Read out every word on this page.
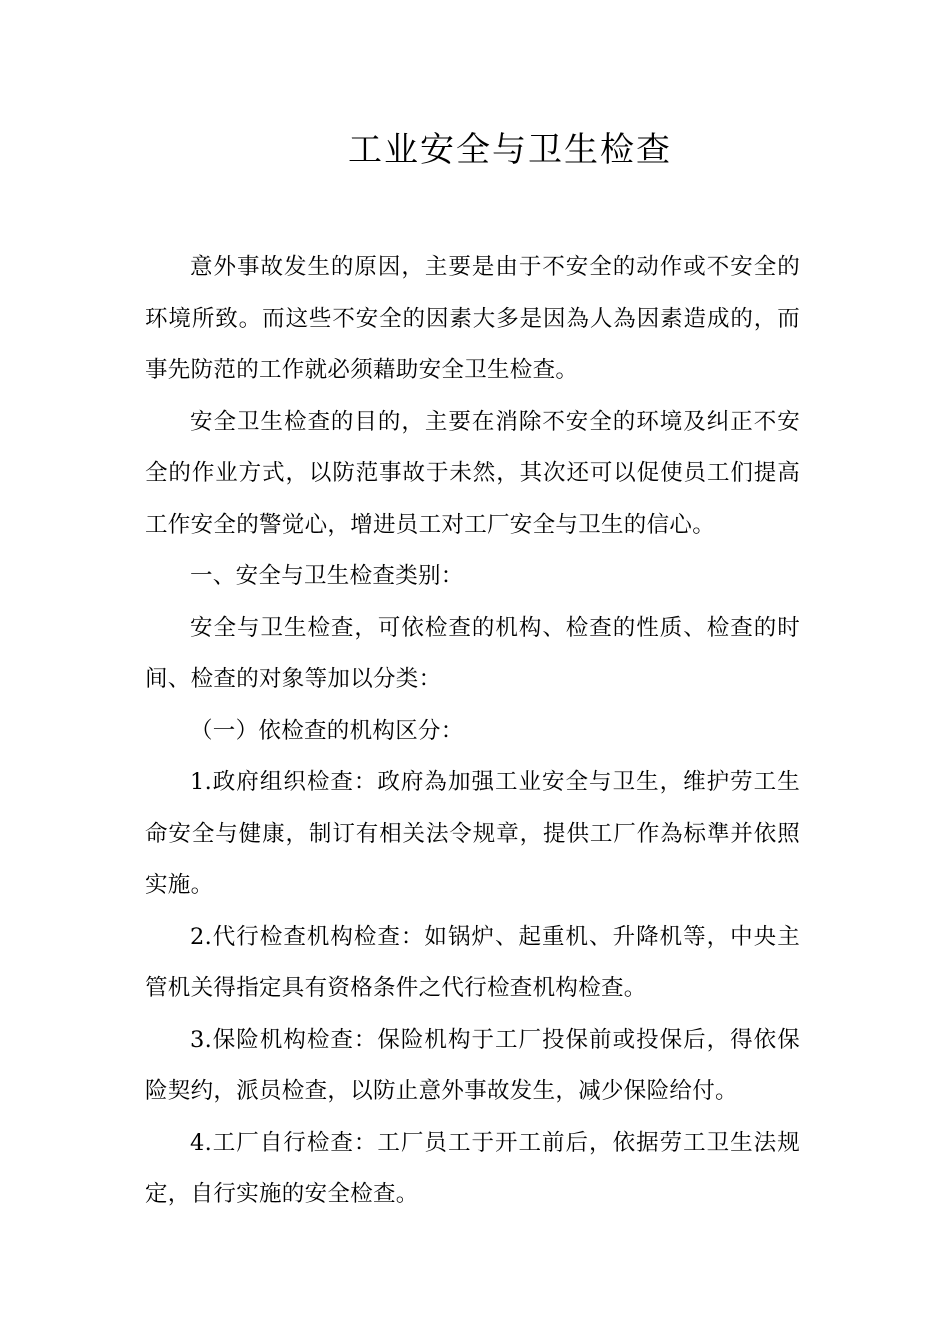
工业安全与卫生检查

意外事故发生的原因，主要是由于不安全的动作或不安全的环境所致。而这些不安全的因素大多是因為人為因素造成的，而事先防范的工作就必须藉助安全卫生检查。

安全卫生检查的目的，主要在消除不安全的环境及纠正不安全的作业方式，以防范事故于未然，其次还可以促使员工们提高工作安全的警觉心，增进员工对工厂安全与卫生的信心。

一、安全与卫生检查类别：

安全与卫生检查，可依检查的机构、检查的性质、检查的时间、检查的对象等加以分类：

（一）依检查的机构区分：

1.政府组织检查：政府為加强工业安全与卫生，维护劳工生命安全与健康，制订有相关法令规章，提供工厂作為标準并依照实施。

2.代行检查机构检查：如锅炉、起重机、升降机等，中央主管机关得指定具有资格条件之代行检查机构检查。

3.保险机构检查：保险机构于工厂投保前或投保后，得依保险契约，派员检查，以防止意外事故发生，减少保险给付。

4.工厂自行检查：工厂员工于开工前后，依据劳工卫生法规定，自行实施的安全检查。
